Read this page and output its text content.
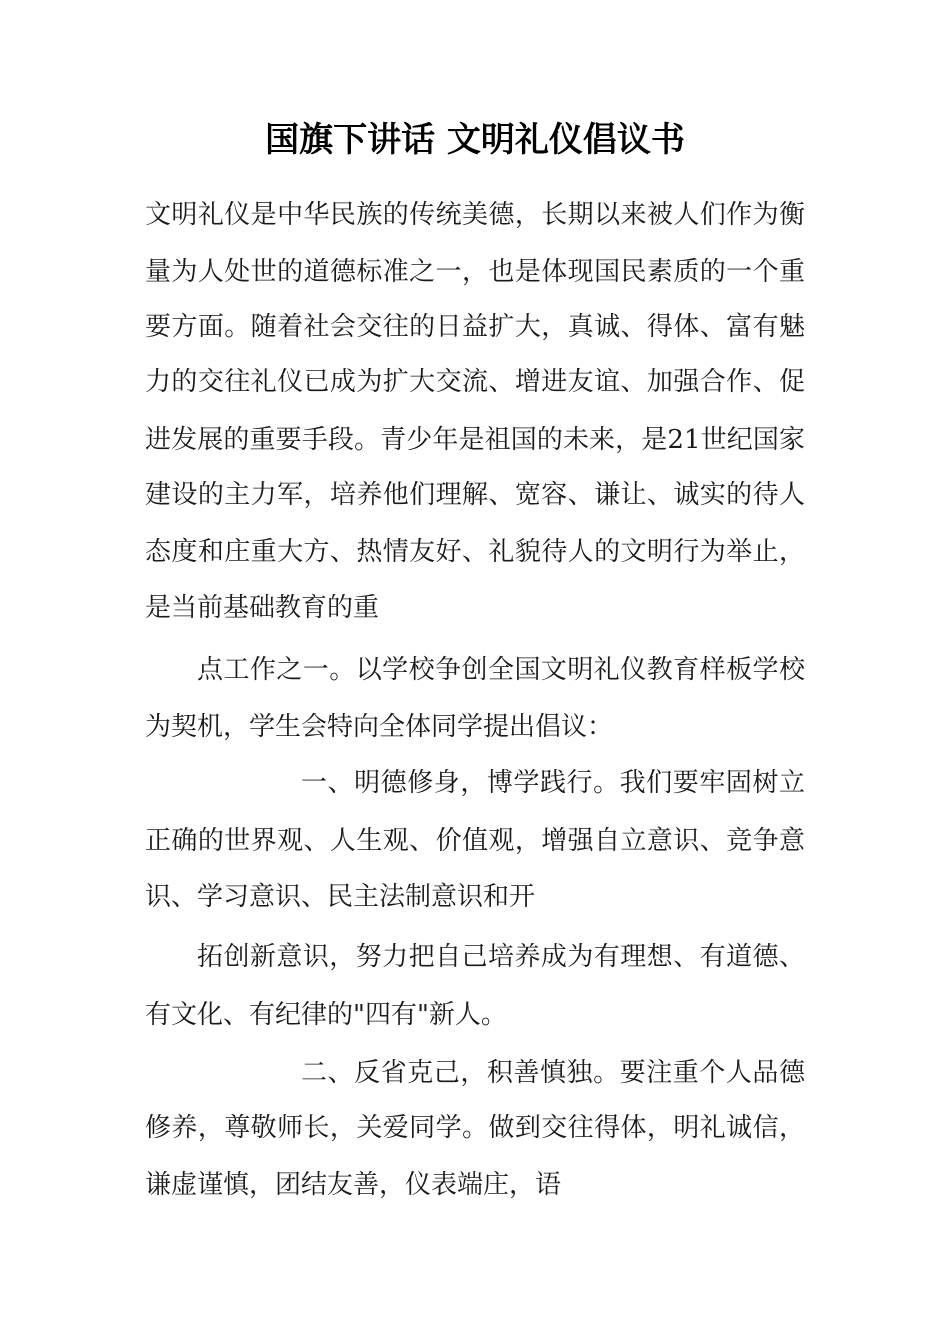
国旗下讲话 文明礼仪倡议书

文明礼仪是中华民族的传统美德，长期以来被人们作为衡

量为人处世的道德标准之一，也是体现国民素质的一个重

要方面。随着社会交往的日益扩大，真诚、得体、富有魅

力的交往礼仪已成为扩大交流、增进友谊、加强合作、促

进发展的重要手段。青少年是祖国的未来，是21世纪国家

建设的主力军，培养他们理解、宽容、谦让、诚实的待人

态度和庄重大方、热情友好、礼貌待人的文明行为举止，

是当前基础教育的重

点工作之一。以学校争创全国文明礼仪教育样板学校

为契机，学生会特向全体同学提出倡议：

一、明德修身，博学践行。我们要牢固树立

正确的世界观、人生观、价值观，增强自立意识、竞争意

识、学习意识、民主法制意识和开

拓创新意识，努力把自己培养成为有理想、有道德、

有文化、有纪律的"四有"新人。

二、反省克己，积善慎独。要注重个人品德

修养，尊敬师长，关爱同学。做到交往得体，明礼诚信，

谦虚谨慎，团结友善，仪表端庄，语
